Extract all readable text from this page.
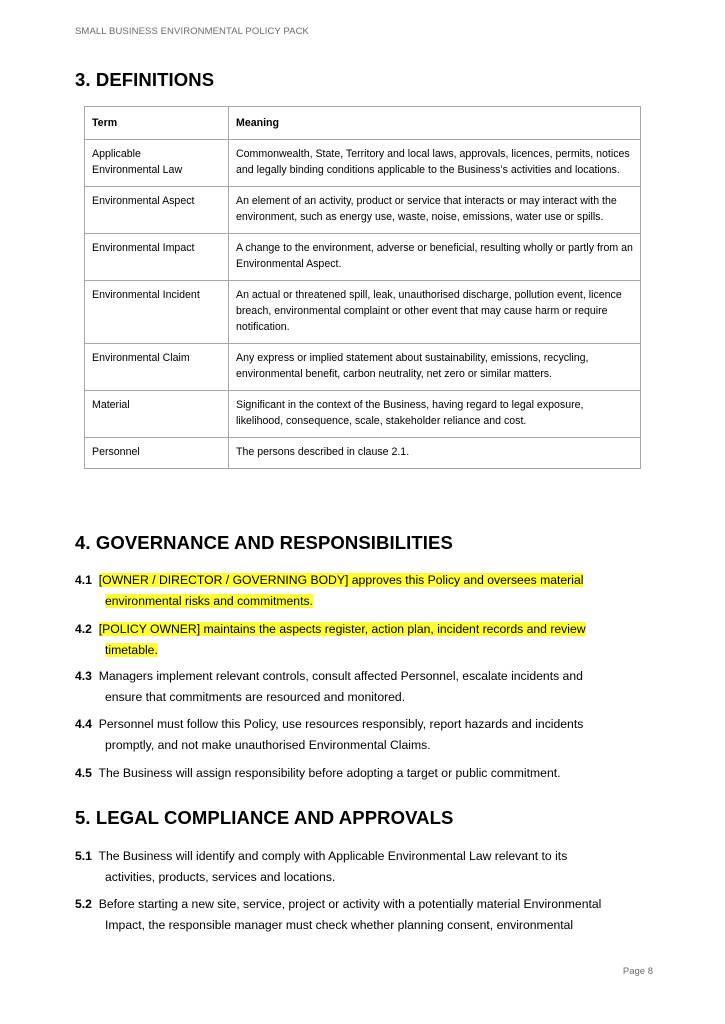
SMALL BUSINESS ENVIRONMENTAL POLICY PACK
3. DEFINITIONS
Term	Meaning
Applicable Environmental Law	Commonwealth, State, Territory and local laws, approvals, licences, permits, notices and legally binding conditions applicable to the Business’s activities and locations.
Environmental Aspect	An element of an activity, product or service that interacts or may interact with the environment, such as energy use, waste, noise, emissions, water use or spills.
Environmental Impact	A change to the environment, adverse or beneficial, resulting wholly or partly from an Environmental Aspect.
Environmental Incident	An actual or threatened spill, leak, unauthorised discharge, pollution event, licence breach, environmental complaint or other event that may cause harm or require notification.
Environmental Claim	Any express or implied statement about sustainability, emissions, recycling, environmental benefit, carbon neutrality, net zero or similar matters.
Material	Significant in the context of the Business, having regard to legal exposure, likelihood, consequence, scale, stakeholder reliance and cost.
Personnel	The persons described in clause 2.1.
4. GOVERNANCE AND RESPONSIBILITIES
4.1 [OWNER / DIRECTOR / GOVERNING BODY] approves this Policy and oversees material
environmental risks and commitments.
4.2 [POLICY OWNER] maintains the aspects register, action plan, incident records and review
timetable.
4.3 Managers implement relevant controls, consult affected Personnel, escalate incidents and
ensure that commitments are resourced and monitored.
4.4 Personnel must follow this Policy, use resources responsibly, report hazards and incidents
promptly, and not make unauthorised Environmental Claims.
4.5 The Business will assign responsibility before adopting a target or public commitment.
5. LEGAL COMPLIANCE AND APPROVALS
5.1 The Business will identify and comply with Applicable Environmental Law relevant to its
activities, products, services and locations.
5.2 Before starting a new site, service, project or activity with a potentially material Environmental
Impact, the responsible manager must check whether planning consent, environmental
Page 8
